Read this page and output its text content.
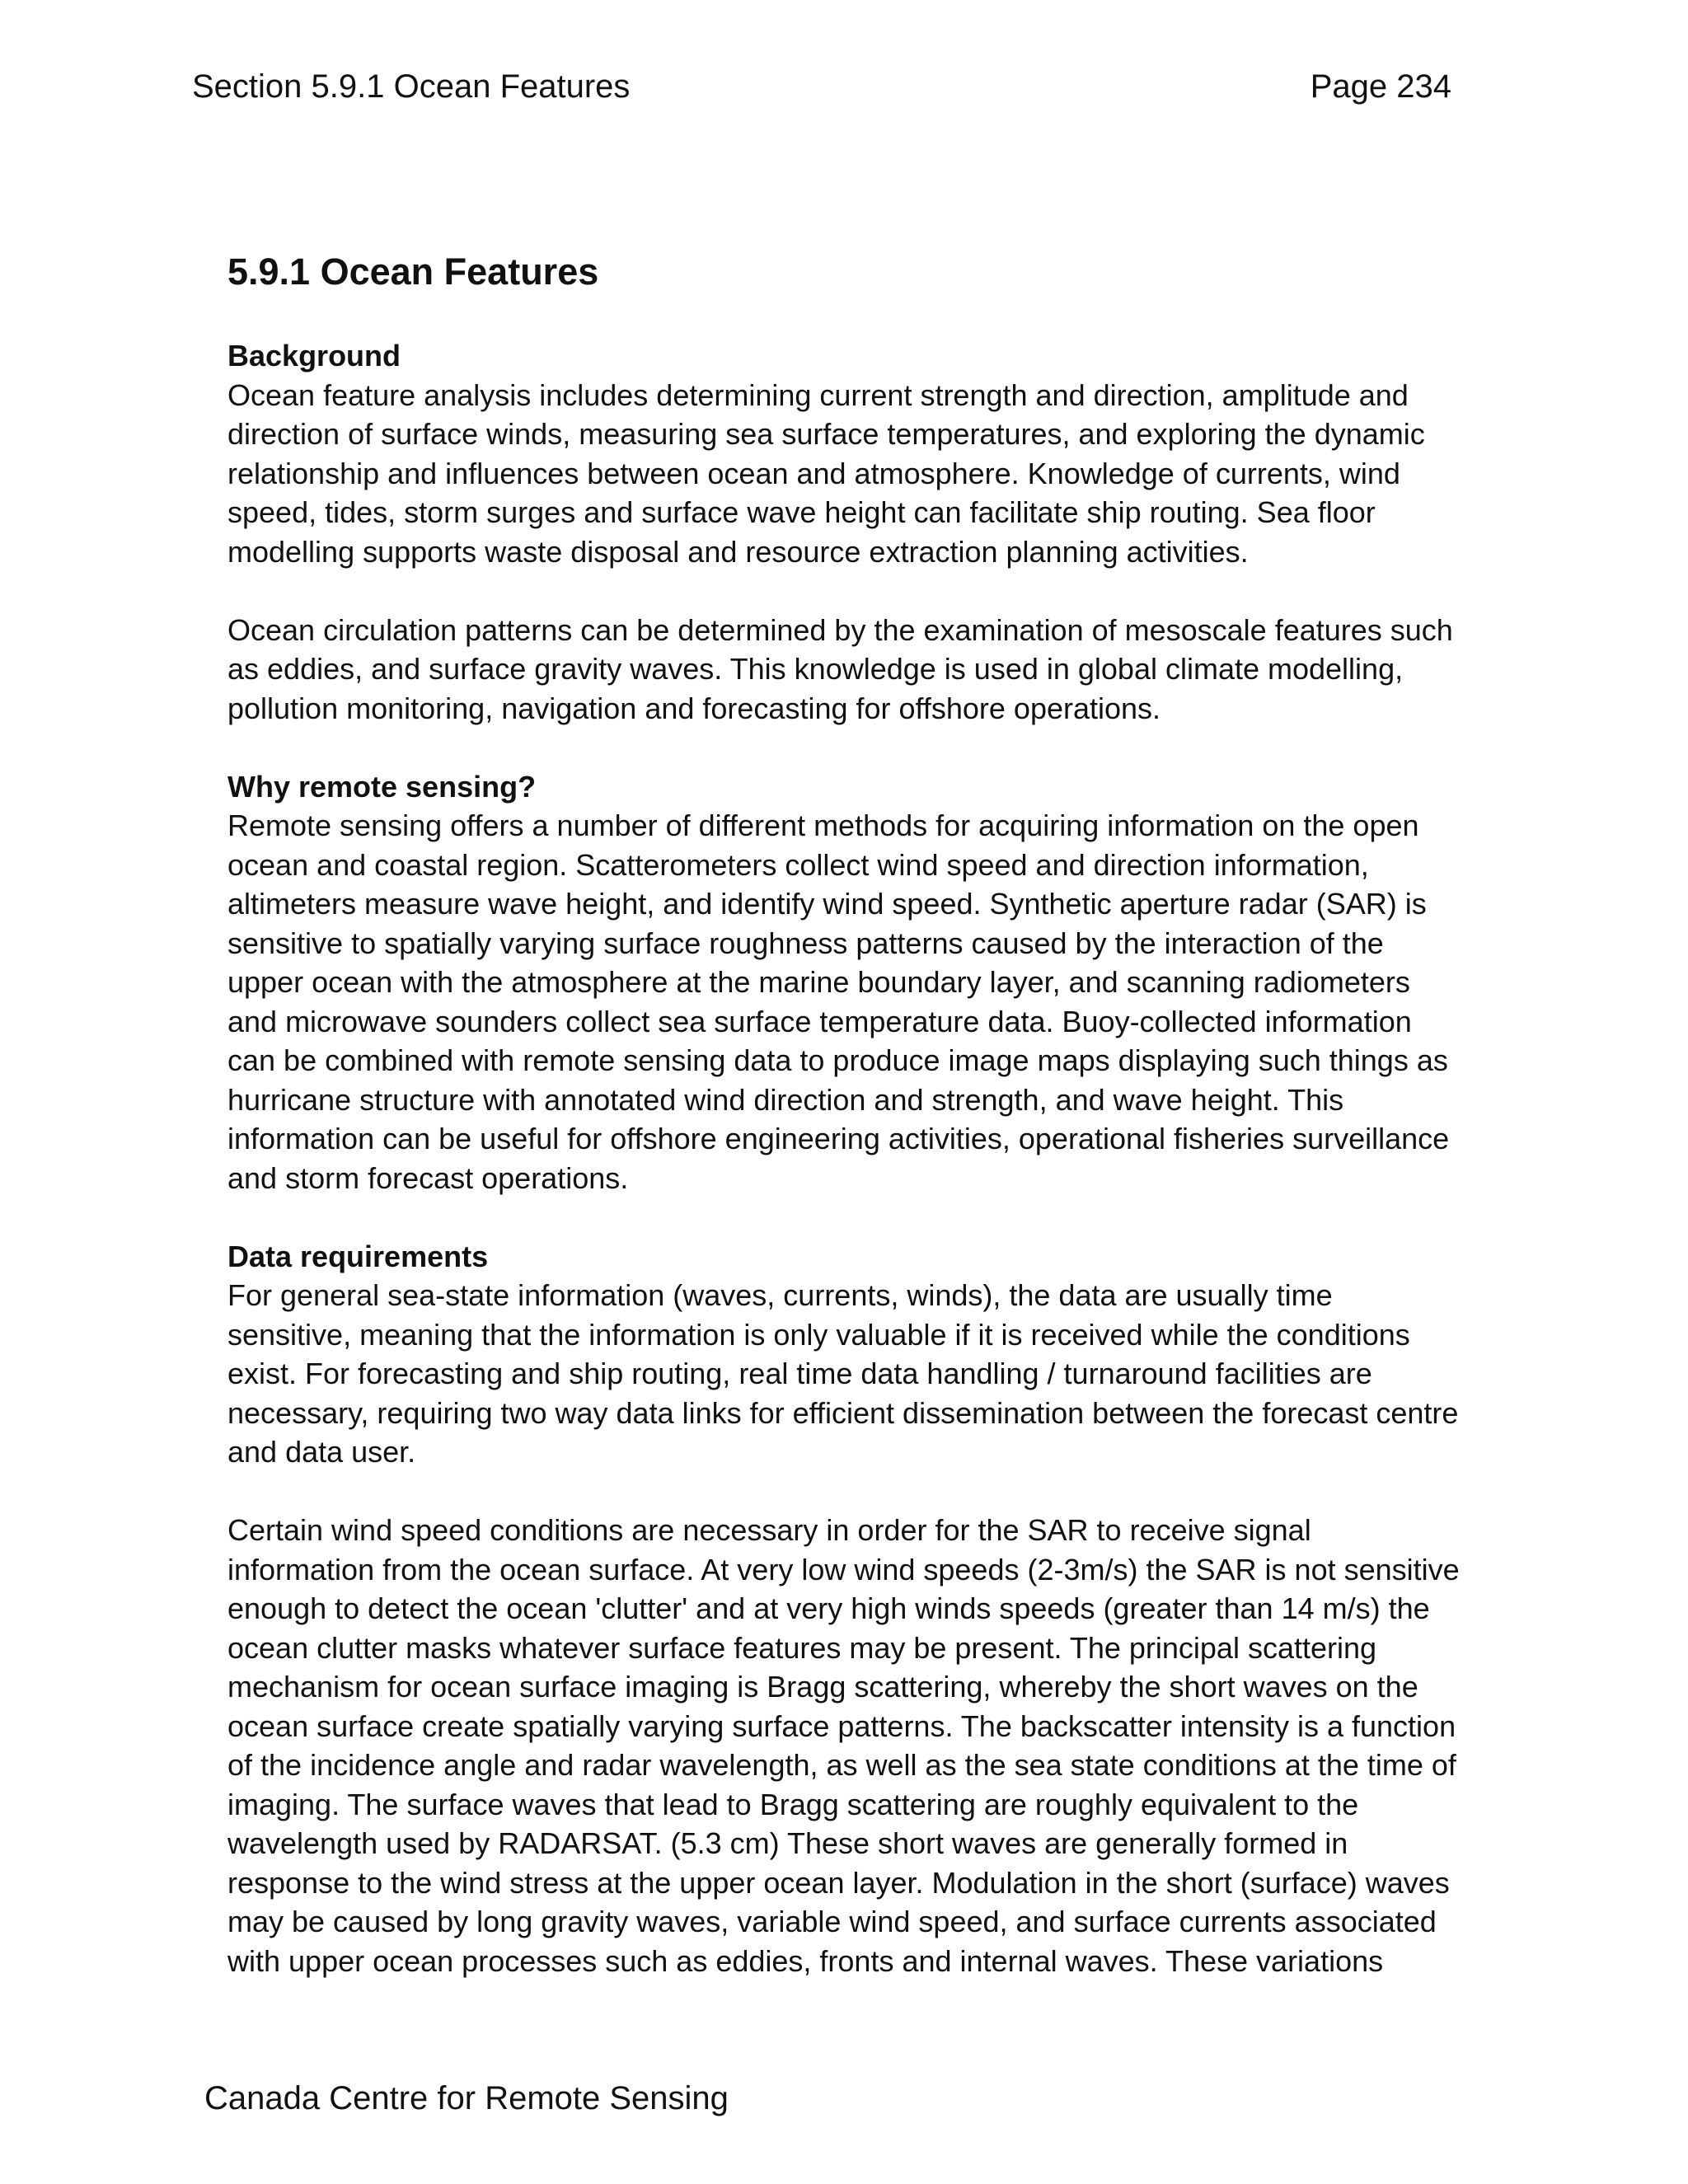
Section 5.9.1 Ocean Features	Page 234
5.9.1 Ocean Features
Background

Ocean feature analysis includes determining current strength and direction, amplitude and
direction of surface winds, measuring sea surface temperatures, and exploring the dynamic
relationship and influences between ocean and atmosphere. Knowledge of currents, wind
speed, tides, storm surges and surface wave height can facilitate ship routing. Sea floor
modelling supports waste disposal and resource extraction planning activities.

Ocean circulation patterns can be determined by the examination of mesoscale features such
as eddies, and surface gravity waves. This knowledge is used in global climate modelling,
pollution monitoring, navigation and forecasting for offshore operations.

Why remote sensing?

Remote sensing offers a number of different methods for acquiring information on the open
ocean and coastal region. Scatterometers collect wind speed and direction information,
altimeters measure wave height, and identify wind speed. Synthetic aperture radar (SAR) is
sensitive to spatially varying surface roughness patterns caused by the interaction of the
upper ocean with the atmosphere at the marine boundary layer, and scanning radiometers
and microwave sounders collect sea surface temperature data. Buoy-collected information
can be combined with remote sensing data to produce image maps displaying such things as
hurricane structure with annotated wind direction and strength, and wave height. This
information can be useful for offshore engineering activities, operational fisheries surveillance
and storm forecast operations.

Data requirements

For general sea-state information (waves, currents, winds), the data are usually time
sensitive, meaning that the information is only valuable if it is received while the conditions
exist. For forecasting and ship routing, real time data handling / turnaround facilities are
necessary, requiring two way data links for efficient dissemination between the forecast centre
and data user.

Certain wind speed conditions are necessary in order for the SAR to receive signal
information from the ocean surface. At very low wind speeds (2-3m/s) the SAR is not sensitive
enough to detect the ocean 'clutter' and at very high winds speeds (greater than 14 m/s) the
ocean clutter masks whatever surface features may be present. The principal scattering
mechanism for ocean surface imaging is Bragg scattering, whereby the short waves on the
ocean surface create spatially varying surface patterns. The backscatter intensity is a function
of the incidence angle and radar wavelength, as well as the sea state conditions at the time of
imaging. The surface waves that lead to Bragg scattering are roughly equivalent to the
wavelength used by RADARSAT. (5.3 cm) These short waves are generally formed in
response to the wind stress at the upper ocean layer. Modulation in the short (surface) waves
may be caused by long gravity waves, variable wind speed, and surface currents associated
with upper ocean processes such as eddies, fronts and internal waves. These variations

Canada Centre for Remote Sensing
